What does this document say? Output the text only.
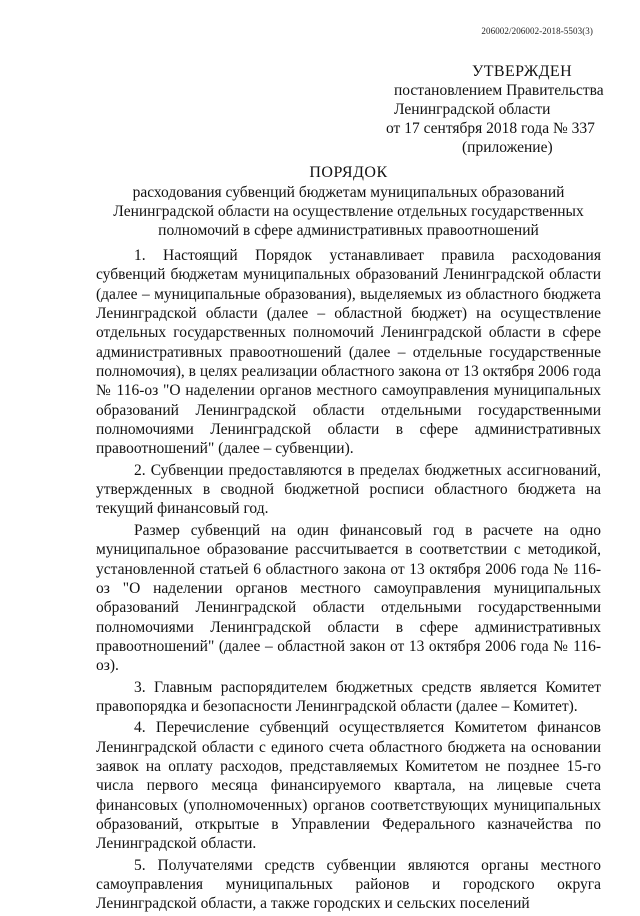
206002/206002-2018-5503(3)
УТВЕРЖДЕН
постановлением Правительства
Ленинградской области
от 17 сентября 2018 года № 337
(приложение)
ПОРЯДОК
расходования субвенций бюджетам муниципальных образований Ленинградской области на осуществление отдельных государственных полномочий в сфере административных правоотношений

1. Настоящий Порядок устанавливает правила расходования субвенций бюджетам муниципальных образований Ленинградской области (далее – муниципальные образования), выделяемых из областного бюджета Ленинградской области (далее – областной бюджет) на осуществление отдельных государственных полномочий Ленинградской области в сфере административных правоотношений (далее – отдельные государственные полномочия), в целях реализации областного закона от 13 октября 2006 года № 116-оз "О наделении органов местного самоуправления муниципальных образований Ленинградской области отдельными государственными полномочиями Ленинградской области в сфере административных правоотношений" (далее – субвенции).

2. Субвенции предоставляются в пределах бюджетных ассигнований, утвержденных в сводной бюджетной росписи областного бюджета на текущий финансовый год.

Размер субвенций на один финансовый год в расчете на одно муниципальное образование рассчитывается в соответствии с методикой, установленной статьей 6 областного закона от 13 октября 2006 года № 116-оз "О наделении органов местного самоуправления муниципальных образований Ленинградской области отдельными государственными полномочиями Ленинградской области в сфере административных правоотношений" (далее – областной закон от 13 октября 2006 года № 116-оз).

3. Главным распорядителем бюджетных средств является Комитет правопорядка и безопасности Ленинградской области (далее – Комитет).

4. Перечисление субвенций осуществляется Комитетом финансов Ленинградской области с единого счета областного бюджета на основании заявок на оплату расходов, представляемых Комитетом не позднее 15-го числа первого месяца финансируемого квартала, на лицевые счета финансовых (уполномоченных) органов соответствующих муниципальных образований, открытые в Управлении Федерального казначейства по Ленинградской области.

5. Получателями средств субвенции являются органы местного самоуправления муниципальных районов и городского округа Ленинградской области, а также городских и сельских поселений
